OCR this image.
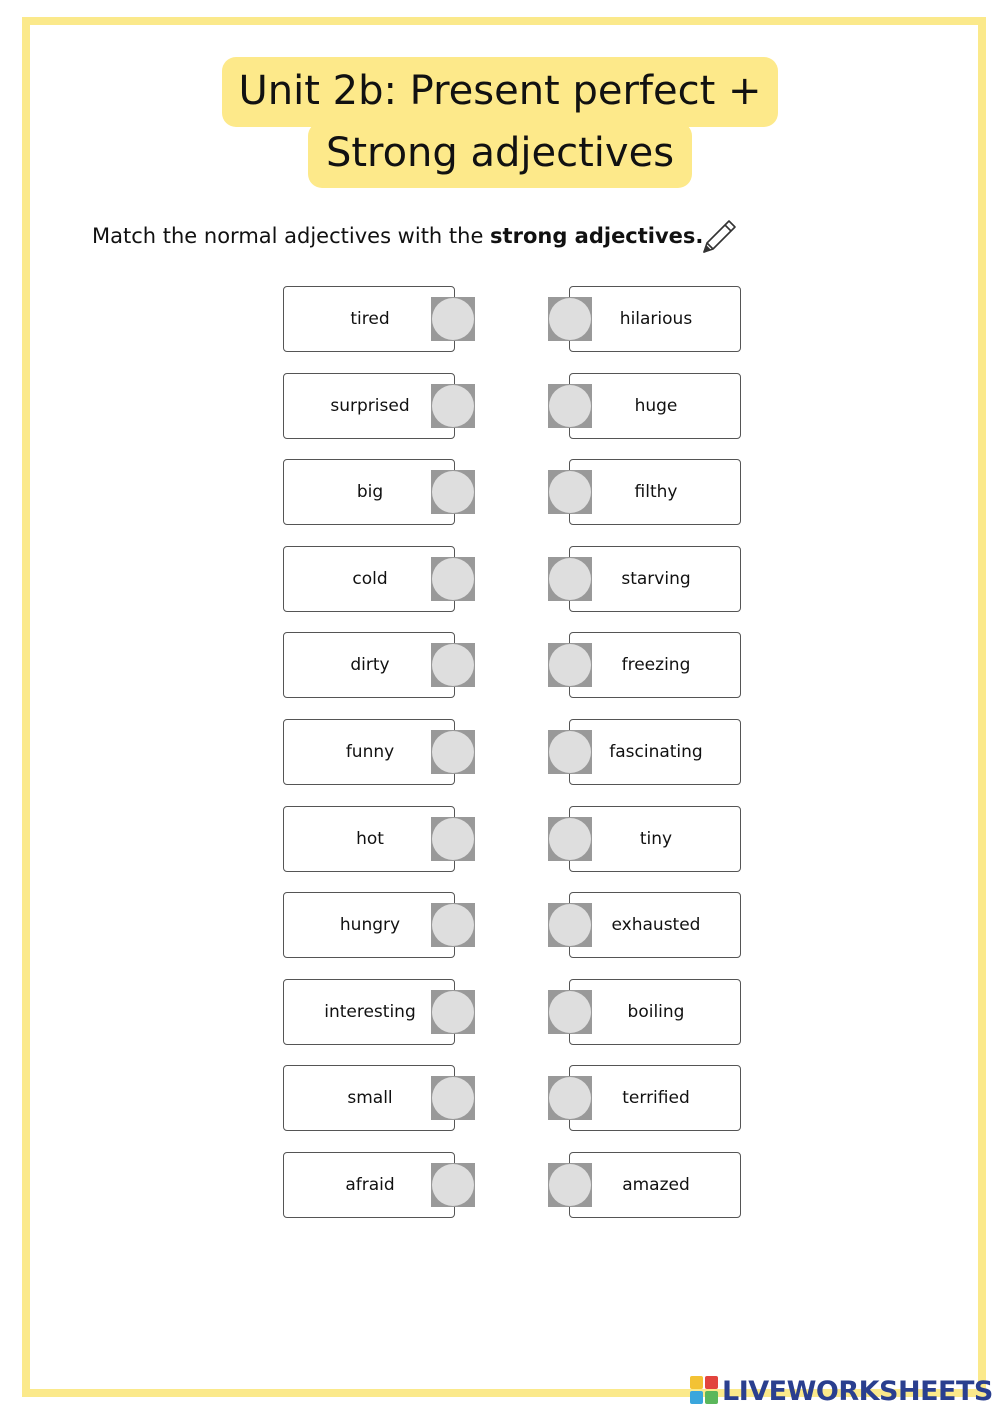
Unit 2b: Present perfect +
Strong adjectives
Match the normal adjectives with the strong adjectives.
tired	hilarious
surprised	huge
big	filthy
cold	starving
dirty	freezing
funny	fascinating
hot	tiny
hungry	exhausted
interesting	boiling
small	terrified
afraid	amazed
LIVEWORKSHEETS
